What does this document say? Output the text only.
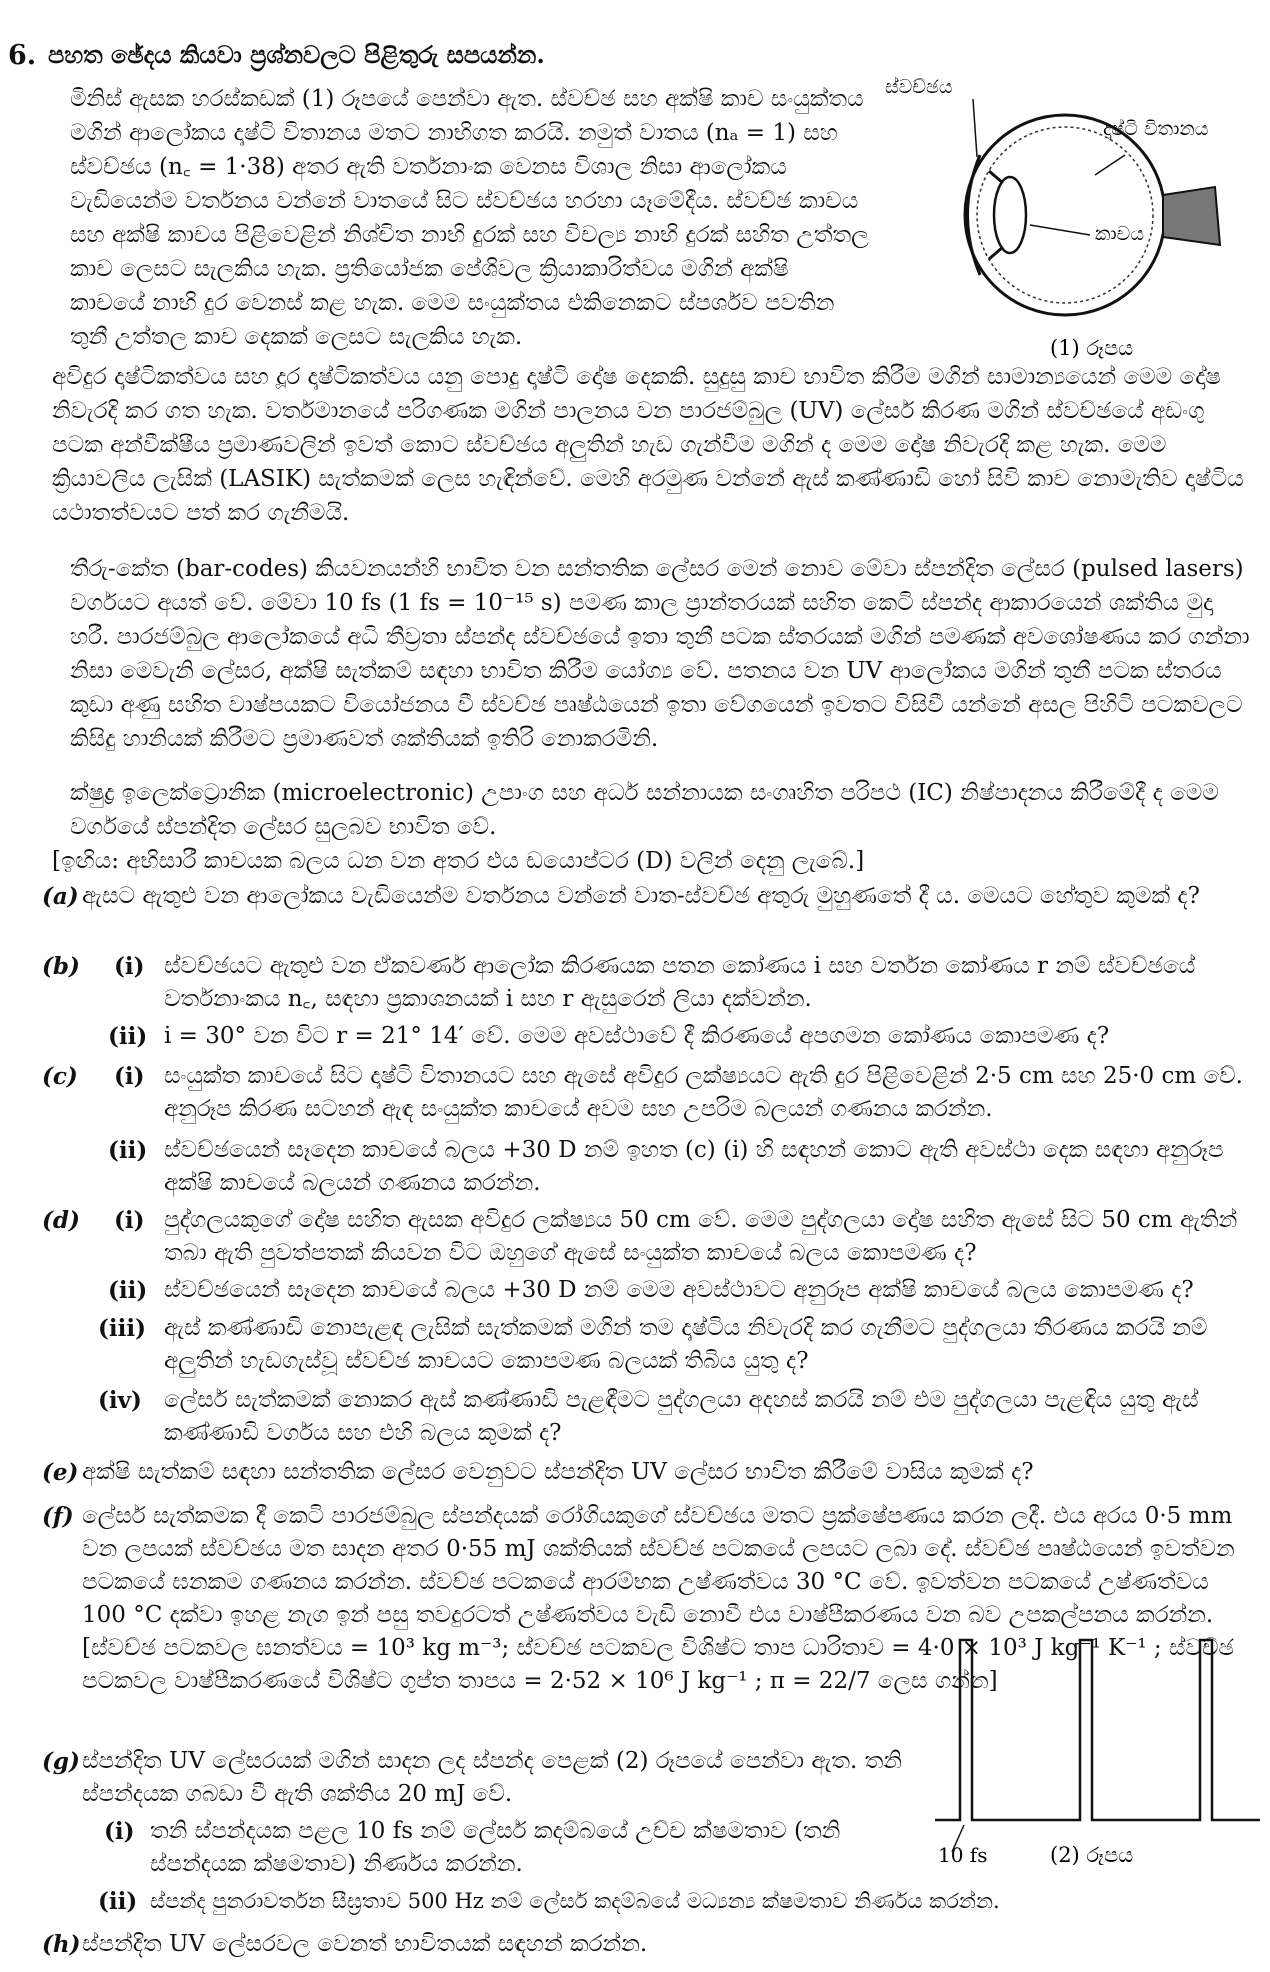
6. පහත ඡේදය කියවා ප්‍රශ්නවලට පිළිතුරු සපයන්න.

මිනිස් ඇසක හරස්කඩක් (1) රූපයේ පෙන්වා ඇත. ස්වච්ඡ සහ අක්ෂි කාච සංයුක්තය මගින් ආලෝකය දෘෂ්ටි විතානය මතට නාභිගත කරයි. නමුත් වාතය (nₐ = 1) සහ ස්වච්ඡය (n꜀ = 1·38) අතර ඇති වර්තනාංක වෙනස විශාල නිසා ආලෝකය වැඩියෙන්ම වර්තනය වන්නේ වාතයේ සිට ස්වච්ඡය හරහා යෑමේදීය. ස්වච්ඡ කාචය සහ අක්ෂි කාචය පිළිවෙළින් නිශ්චිත නාභි දුරක් සහ විචල්‍ය නාභි දුරක් සහිත උත්තල කාච ලෙසට සැලකිය හැක. ප්‍රතියෝජක පේශිවල ක්‍රියාකාරිත්වය මගින් අක්ෂි කාචයේ නාභි දුර වෙනස් කළ හැක. මෙම සංයුක්තය එකිනෙකට ස්පර්ශව පවතින තුනී උත්තල කාච දෙකක් ලෙසට සැලකිය හැක.

ස්වච්ඡය
දෘෂ්ටි විතානය
කාචය
(1) රූපය

අවිදුර දෘෂ්ටිකත්වය සහ දූර දෘෂ්ටිකත්වය යනු පොදු දෘෂ්ටි දෝෂ දෙකකි. සුදුසු කාච භාවිත කිරීම මගින් සාමාන්‍යයෙන් මෙම දෝෂ නිවැරදි කර ගත හැක. වර්තමානයේ පරිගණක මගින් පාලනය වන පාරජම්බුල (UV) ලේසර් කිරණ මගින් ස්වච්ඡයේ අඩංගු පටක අන්වීක්ෂීය ප්‍රමාණවලින් ඉවත් කොට ස්වච්ඡය අලුතින් හැඩ ගැන්වීම මගින් ද මෙම දෝෂ නිවැරදි කළ හැක. මෙම ක්‍රියාවලිය ලැසික් (LASIK) සැත්කමක් ලෙස හැඳින්වේ. මෙහි අරමුණ වන්නේ ඇස් කණ්ණාඩි හෝ සිවි කාච නොමැතිව දෘෂ්ටිය යථාතත්වයට පත් කර ගැනීමයි.

තීරු-කේත (bar-codes) කියවනයන්හි භාවිත වන සන්තතික ලේසර මෙන් නොව මේවා ස්පන්දිත ලේසර (pulsed lasers) වර්ගයට අයත් වේ. මේවා 10 fs (1 fs = 10⁻¹⁵ s) පමණ කාල ප්‍රාන්තරයක් සහිත කෙටි ස්පන්ද ආකාරයෙන් ශක්තිය මුදා හරී. පාරජම්බුල ආලෝකයේ අධි තීව්‍රතා ස්පන්ද ස්වච්ඡයේ ඉතා තුනී පටක ස්තරයක් මගින් පමණක් අවශෝෂණය කර ගන්නා නිසා මෙවැනි ලේසර, අක්ෂි සැත්කම් සඳහා භාවිත කිරීම යෝග්‍ය වේ. පතනය වන UV ආලෝකය මගින් තුනී පටක ස්තරය කුඩා අණු සහිත වාෂ්පයකට වියෝජනය වී ස්වච්ඡ පෘෂ්ඨයෙන් ඉතා වේගයෙන් ඉවතට විසිවී යන්නේ අසල පිහිටි පටකවලට කිසිදු හානියක් කිරීමට ප්‍රමාණවත් ශක්තියක් ඉතිරි නොකරමිනි.

ක්ෂුද්‍ර ඉලෙක්ට්‍රොනික (microelectronic) උපාංග සහ අර්ධ සන්නායක සංගෘහිත පරිපථ (IC) නිෂ්පාදනය කිරීමේදී ද මෙම වර්ගයේ ස්පන්දිත ලේසර සුලබව භාවිත වේ.

[ඉඟිය: අභිසාරී කාචයක බලය ධන වන අතර එය ඩයොප්ටර (D) වලින් දෙනු ලැබේ.]

(a) ඇසට ඇතුළු වන ආලෝකය වැඩියෙන්ම වර්තනය වන්නේ වාත-ස්වච්ඡ අතුරු මුහුණතේ දී ය. මෙයට හේතුව කුමක් ද?
(b) (i) ස්වච්ඡයට ඇතුළු වන ඒකවර්ණ ආලෝක කිරණයක පතන කෝණය i සහ වර්තන කෝණය r නම් ස්වච්ඡයේ වර්තනාංකය n꜀, සඳහා ප්‍රකාශනයක් i සහ r ඇසුරෙන් ලියා දක්වන්න.
(ii) i = 30° වන විට r = 21° 14′ වේ. මෙම අවස්ථාවේ දී කිරණයේ අපගමන කෝණය කොපමණ ද?
(c) (i) සංයුක්ත කාචයේ සිට දෘෂ්ටි විතානයට සහ ඇසේ අවිදුර ලක්ෂ්‍යයට ඇති දුර පිළිවෙළින් 2·5 cm සහ 25·0 cm වේ. අනුරූප කිරණ සටහන් ඇඳ සංයුක්ත කාචයේ අවම සහ උපරිම බලයන් ගණනය කරන්න.
(ii) ස්වච්ඡයෙන් සෑදෙන කාචයේ බලය +30 D නම් ඉහත (c) (i) හි සඳහන් කොට ඇති අවස්ථා දෙක සඳහා අනුරූප අක්ෂි කාචයේ බලයන් ගණනය කරන්න.
(d) (i) පුද්ගලයකුගේ දෝෂ සහිත ඇසක අවිදුර ලක්ෂ්‍යය 50 cm වේ. මෙම පුද්ගලයා දෝෂ සහිත ඇසේ සිට 50 cm ඇතින් තබා ඇති පුවත්පතක් කියවන විට ඔහුගේ ඇසේ සංයුක්ත කාචයේ බලය කොපමණ ද?
(ii) ස්වච්ඡයෙන් සෑදෙන කාචයේ බලය +30 D නම් මෙම අවස්ථාවට අනුරූප අක්ෂි කාචයේ බලය කොපමණ ද?
(iii) ඇස් කණ්ණාඩි නොපැළඳ ලැසික් සැත්කමක් මගින් තම දෘෂ්ටිය නිවැරදි කර ගැනීමට පුද්ගලයා තීරණය කරයි නම් අලුතින් හැඩගැස්වූ ස්වච්ඡ කාචයට කොපමණ බලයක් තිබිය යුතු ද?
(iv) ලේසර් සැත්කමක් නොකර ඇස් කණ්ණාඩි පැළඳීමට පුද්ගලයා අදහස් කරයි නම් එම පුද්ගලයා පැළඳිය යුතු ඇස් කණ්ණාඩි වර්ගය සහ එහි බලය කුමක් ද?
(e) අක්ෂි සැත්කම් සඳහා සන්තතික ලේසර වෙනුවට ස්පන්දිත UV ලේසර භාවිත කිරීමේ වාසිය කුමක් ද?
(f) ලේසර් සැත්කමක දී කෙටි පාරජම්බුල ස්පන්දයක් රෝගියකුගේ ස්වච්ඡය මතට ප්‍රක්ෂේපණය කරන ලදී. එය අරය 0·5 mm වන ලපයක් ස්වච්ඡය මත සාදන අතර 0·55 mJ ශක්තියක් ස්වච්ඡ පටකයේ ලපයට ලබා දේ. ස්වච්ඡ පෘෂ්ඨයෙන් ඉවත්වන පටකයේ ඝනකම ගණනය කරන්න. ස්වච්ඡ පටකයේ ආරම්භක උෂ්ණත්වය 30 °C වේ. ඉවත්වන පටකයේ උෂ්ණත්වය 100 °C දක්වා ඉහළ නැග ඉන් පසු තවදුරටත් උෂ්ණත්වය වැඩි නොවී එය වාෂ්පීකරණය වන බව උපකල්පනය කරන්න. [ස්වච්ඡ පටකවල ඝනත්වය = 10³ kg m⁻³; ස්වච්ඡ පටකවල විශිෂ්ට තාප ධාරිතාව = 4·0 × 10³ J kg⁻¹ K⁻¹ ; ස්වච්ඡ පටකවල වාෂ්පීකරණයේ විශිෂ්ට ගුප්ත තාපය = 2·52 × 10⁶ J kg⁻¹ ; π = 22/7 ලෙස ගන්න]
(g) ස්පන්දිත UV ලේසරයක් මගින් සාදන ලද ස්පන්ද පෙළක් (2) රූපයේ පෙන්වා ඇත. තනි ස්පන්දයක ගබඩා වී ඇති ශක්තිය 20 mJ වේ.
(i) තනි ස්පන්දයක පළල 10 fs නම් ලේසර් කදම්බයේ උච්ච ක්ෂමතාව (තනි ස්පන්දයක ක්ෂමතාව) නිර්ණය කරන්න.
(ii) ස්පන්ද පුනරාවර්තන සීඝ්‍රතාව 500 Hz නම් ලේසර් කදම්බයේ මධ්‍යන්‍ය ක්ෂමතාව නිර්ණය කරන්න.
(h) ස්පන්දිත UV ලේසරවල වෙනත් භාවිතයක් සඳහන් කරන්න.
10 fs	(2) රූපය
